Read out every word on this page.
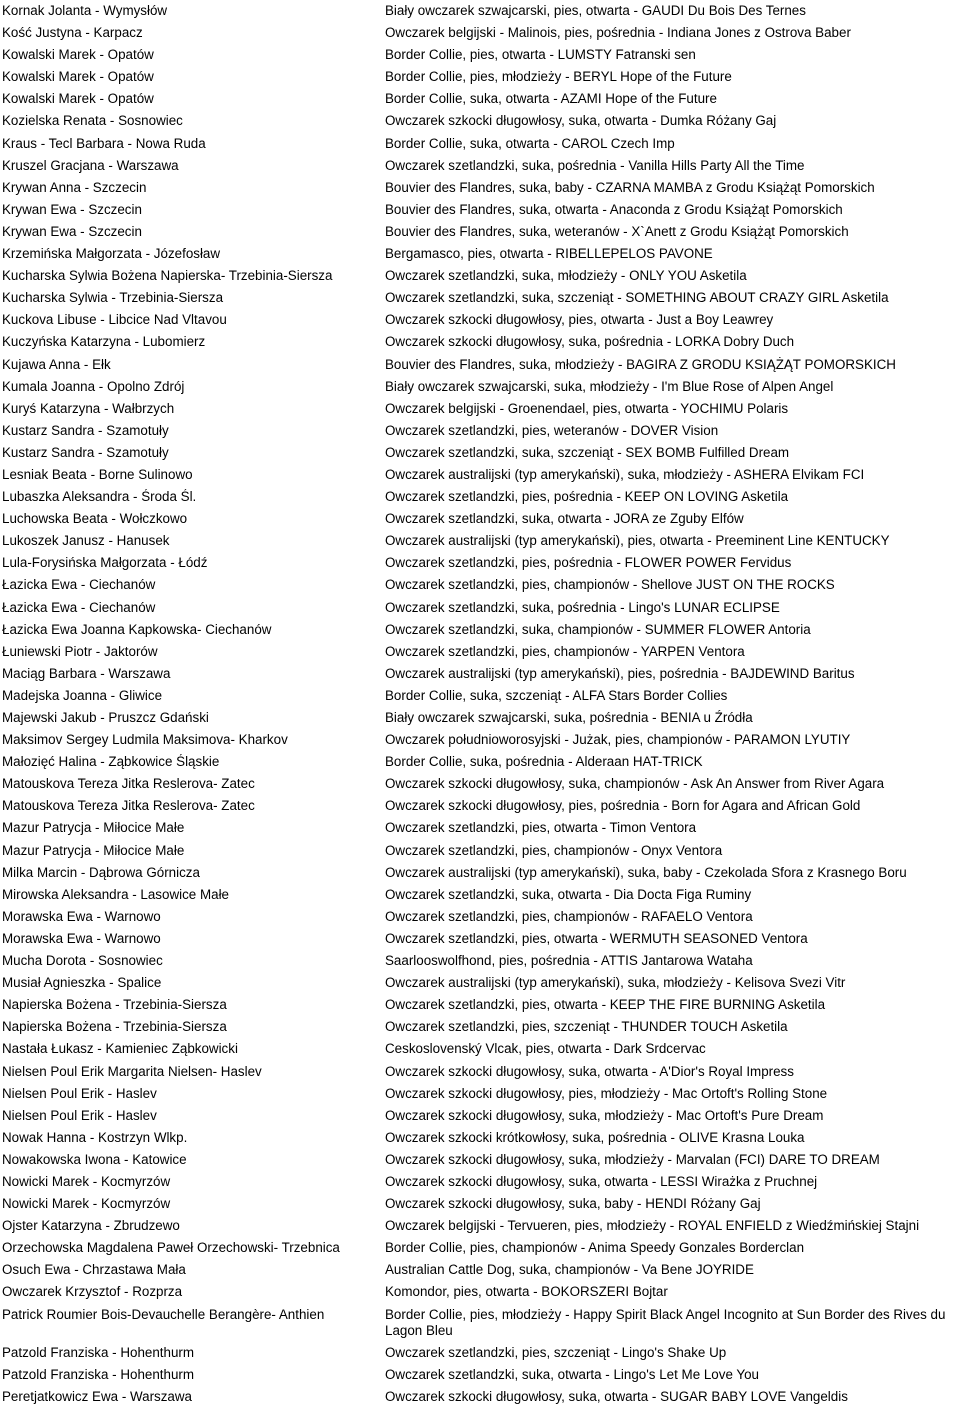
Kornak Jolanta - Wymysłów	Biały owczarek szwajcarski, pies, otwarta - GAUDI Du Bois Des Ternes
Kość Justyna - Karpacz	Owczarek belgijski - Malinois, pies, pośrednia - Indiana Jones z Ostrova Baber
Kowalski Marek - Opatów	Border Collie, pies, otwarta - LUMSTY Fatranski sen
Kowalski Marek - Opatów	Border Collie, pies, młodzieży - BERYL Hope of the Future
Kowalski Marek - Opatów	Border Collie, suka, otwarta - AZAMI Hope of the Future
Kozielska Renata - Sosnowiec	Owczarek szkocki długowłosy, suka, otwarta - Dumka Różany Gaj
Kraus - Tecl Barbara - Nowa Ruda	Border Collie, suka, otwarta - CAROL Czech Imp
Kruszel Gracjana - Warszawa	Owczarek szetlandzki, suka, pośrednia - Vanilla Hills Party All the Time
Krywan Anna - Szczecin	Bouvier des Flandres, suka, baby - CZARNA MAMBA z Grodu Książąt Pomorskich
Krywan Ewa - Szczecin	Bouvier des Flandres, suka, otwarta - Anaconda z Grodu Książąt Pomorskich
Krywan Ewa - Szczecin	Bouvier des Flandres, suka, weteranów - X`Anett z Grodu Książąt Pomorskich
Krzemińska Małgorzata - Józefosław	Bergamasco, pies, otwarta - RIBELLEPELOS PAVONE
Kucharska Sylwia Bożena Napierska- Trzebinia-Siersza	Owczarek szetlandzki, suka, młodzieży - ONLY YOU Asketila
Kucharska Sylwia - Trzebinia-Siersza	Owczarek szetlandzki, suka, szczeniąt - SOMETHING ABOUT CRAZY GIRL Asketila
Kuckova Libuse - Libcice Nad Vltavou	Owczarek szkocki długowłosy, pies, otwarta - Just a Boy Leawrey
Kuczyńska Katarzyna - Lubomierz	Owczarek szkocki długowłosy, suka, pośrednia - LORKA Dobry Duch
Kujawa Anna - Ełk	Bouvier des Flandres, suka, młodzieży - BAGIRA Z GRODU KSIĄŻĄT POMORSKICH
Kumala Joanna - Opolno Zdrój	Biały owczarek szwajcarski, suka, młodzieży - I'm Blue Rose of Alpen Angel
Kuryś Katarzyna - Wałbrzych	Owczarek belgijski - Groenendael, pies, otwarta - YOCHIMU Polaris
Kustarz Sandra - Szamotuły	Owczarek szetlandzki, pies, weteranów - DOVER Vision
Kustarz Sandra - Szamotuły	Owczarek szetlandzki, suka, szczeniąt - SEX BOMB Fulfilled Dream
Lesniak Beata - Borne Sulinowo	Owczarek australijski (typ amerykański), suka, młodzieży - ASHERA Elvikam FCI
Lubaszka Aleksandra - Środa Śl.	Owczarek szetlandzki, pies, pośrednia - KEEP ON LOVING Asketila
Luchowska Beata - Wołczkowo	Owczarek szetlandzki, suka, otwarta - JORA ze Zguby Elfów
Lukoszek Janusz - Hanusek	Owczarek australijski (typ amerykański), pies, otwarta - Preeminent Line KENTUCKY
Lula-Forysińska Małgorzata - Łódź	Owczarek szetlandzki, pies, pośrednia - FLOWER POWER Fervidus
Łazicka Ewa - Ciechanów	Owczarek szetlandzki, pies, championów - Shellove JUST ON THE ROCKS
Łazicka Ewa - Ciechanów	Owczarek szetlandzki, suka, pośrednia - Lingo's LUNAR ECLIPSE
Łazicka Ewa Joanna Kapkowska- Ciechanów	Owczarek szetlandzki, suka, championów - SUMMER FLOWER Antoria
Łuniewski Piotr - Jaktorów	Owczarek szetlandzki, pies, championów - YARPEN Ventora
Maciąg Barbara - Warszawa	Owczarek australijski (typ amerykański), pies, pośrednia - BAJDEWIND Baritus
Madejska Joanna - Gliwice	Border Collie, suka, szczeniąt - ALFA Stars Border Collies
Majewski Jakub - Pruszcz Gdański	Biały owczarek szwajcarski, suka, pośrednia - BENIA u Źródła
Maksimov Sergey Ludmila Maksimova- Kharkov	Owczarek południoworosyjski - Jużak, pies, championów - PARAMON LYUTIY
Małozięć Halina - Ząbkowice Śląskie	Border Collie, suka, pośrednia - Alderaan HAT-TRICK
Matouskova Tereza Jitka Reslerova- Zatec	Owczarek szkocki długowłosy, suka, championów - Ask An Answer from River Agara
Matouskova Tereza Jitka Reslerova- Zatec	Owczarek szkocki długowłosy, pies, pośrednia - Born for Agara and African Gold
Mazur Patrycja - Miłocice Małe	Owczarek szetlandzki, pies, otwarta - Timon Ventora
Mazur Patrycja - Miłocice Małe	Owczarek szetlandzki, pies, championów - Onyx Ventora
Milka Marcin - Dąbrowa Górnicza	Owczarek australijski (typ amerykański), suka, baby - Czekolada Sfora z Krasnego Boru
Mirowska Aleksandra - Lasowice Małe	Owczarek szetlandzki, suka, otwarta - Dia Docta Figa Ruminy
Morawska Ewa - Warnowo	Owczarek szetlandzki, pies, championów - RAFAELO Ventora
Morawska Ewa - Warnowo	Owczarek szetlandzki, pies, otwarta - WERMUTH SEASONED Ventora
Mucha Dorota - Sosnowiec	Saarlooswolfhond, pies, pośrednia - ATTIS Jantarowa Wataha
Musiał Agnieszka - Spalice	Owczarek australijski (typ amerykański), suka, młodzieży - Kelisova Svezi Vitr
Napierska Bożena - Trzebinia-Siersza	Owczarek szetlandzki, pies, otwarta - KEEP THE FIRE BURNING Asketila
Napierska Bożena - Trzebinia-Siersza	Owczarek szetlandzki, pies, szczeniąt - THUNDER TOUCH Asketila
Nastała Łukasz - Kamieniec Ząbkowicki	Ceskoslovenský Vlcak, pies, otwarta - Dark Srdcervac
Nielsen Poul Erik Margarita Nielsen- Haslev	Owczarek szkocki długowłosy, suka, otwarta - A'Dior's Royal Impress
Nielsen Poul Erik - Haslev	Owczarek szkocki długowłosy, pies, młodzieży - Mac Ortoft's Rolling Stone
Nielsen Poul Erik - Haslev	Owczarek szkocki długowłosy, suka, młodzieży - Mac Ortoft's Pure Dream
Nowak Hanna - Kostrzyn Wlkp.	Owczarek szkocki krótkowłosy, suka, pośrednia - OLIVE Krasna Louka
Nowakowska Iwona - Katowice	Owczarek szkocki długowłosy, suka, młodzieży - Marvalan (FCI) DARE TO DREAM
Nowicki Marek - Kocmyrzów	Owczarek szkocki długowłosy, suka, otwarta - LESSI Wirażka z Pruchnej
Nowicki Marek - Kocmyrzów	Owczarek szkocki długowłosy, suka, baby - HENDI Różany Gaj
Ojster Katarzyna - Zbrudzewo	Owczarek belgijski - Tervueren, pies, młodzieży - ROYAL ENFIELD z Wiedźmińskiej Stajni
Orzechowska Magdalena Paweł Orzechowski- Trzebnica	Border Collie, pies, championów - Anima Speedy Gonzales Borderclan
Osuch Ewa - Chrzastawa Mała	Australian Cattle Dog, suka, championów - Va Bene JOYRIDE
Owczarek Krzysztof - Rozprza	Komondor, pies, otwarta - BOKORSZERI Bojtar
Patrick Roumier Bois-Devauchelle Berangère- Anthien	Border Collie, pies, młodzieży - Happy Spirit Black Angel Incognito at Sun Border des Rives du Lagon Bleu
Patzold Franziska - Hohenthurm	Owczarek szetlandzki, pies, szczeniąt - Lingo's Shake Up
Patzold Franziska - Hohenthurm	Owczarek szetlandzki, suka, otwarta - Lingo's Let Me Love You
Peretjatkowicz Ewa - Warszawa	Owczarek szkocki długowłosy, suka, otwarta - SUGAR BABY LOVE Vangeldis
